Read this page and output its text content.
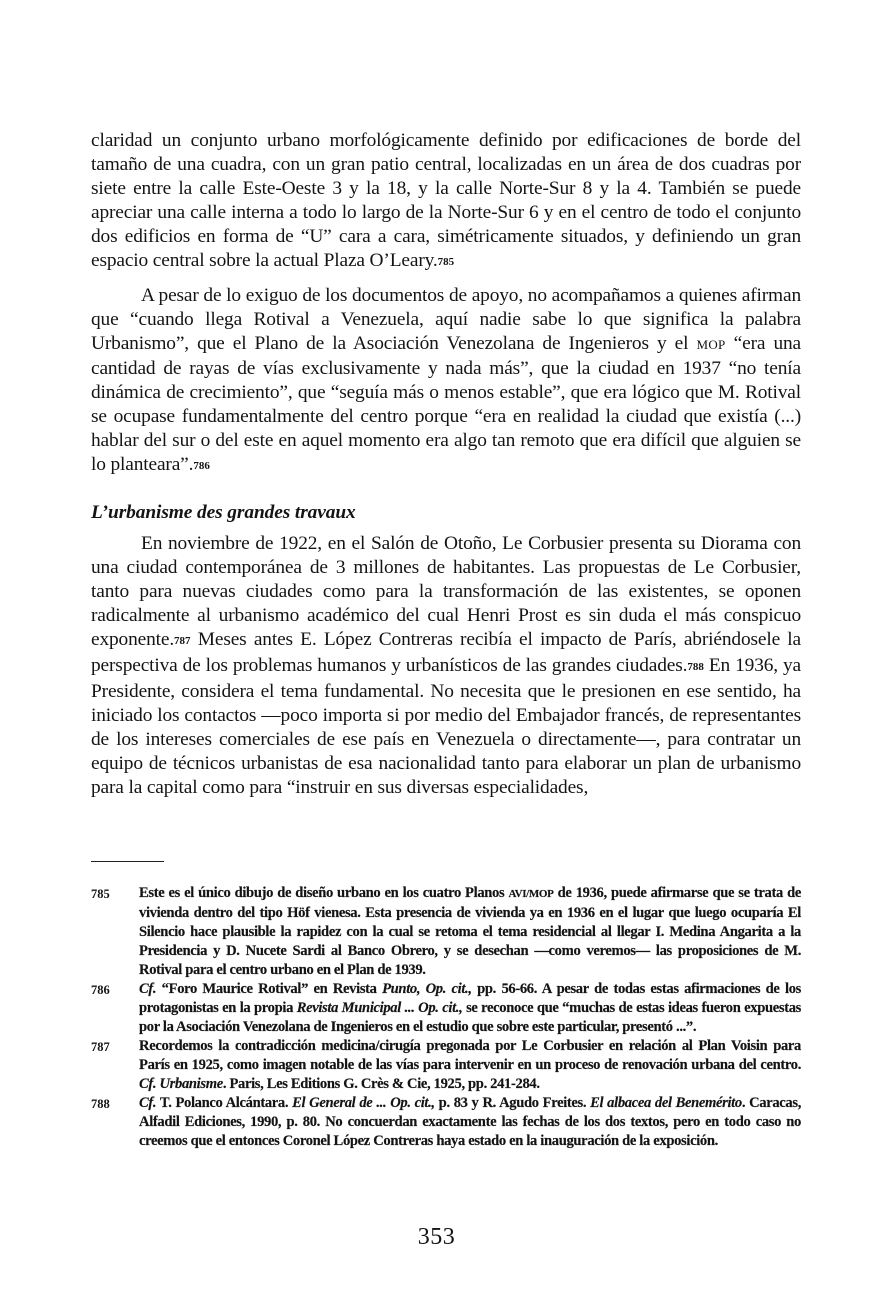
claridad un conjunto urbano morfológicamente definido por edificaciones de borde del tamaño de una cuadra, con un gran patio central, localizadas en un área de dos cuadras por siete entre la calle Este-Oeste 3 y la 18, y la calle Norte-Sur 8 y la 4. También se puede apreciar una calle interna a todo lo largo de la Norte-Sur 6 y en el centro de todo el conjunto dos edificios en forma de “U” cara a cara, simétricamente situados, y definiendo un gran espacio central sobre la actual Plaza O’Leary.$^{785}$

A pesar de lo exiguo de los documentos de apoyo, no acompañamos a quienes afirman que “cuando llega Rotival a Venezuela, aquí nadie sabe lo que significa la palabra Urbanismo”, que el Plano de la Asociación Venezolana de Ingenieros y el MOP “era una cantidad de rayas de vías exclusivamente y nada más”, que la ciudad en 1937 “no tenía dinámica de crecimiento”, que “seguía más o menos estable”, que era lógico que M. Rotival se ocupase fundamentalmente del centro porque “era en realidad la ciudad que existía (...) hablar del sur o del este en aquel momento era algo tan remoto que era difícil que alguien se lo planteara”.$^{786}$

L’urbanisme des grandes travaux

En noviembre de 1922, en el Salón de Otoño, Le Corbusier presenta su Diorama con una ciudad contemporánea de 3 millones de habitantes. Las propuestas de Le Corbusier, tanto para nuevas ciudades como para la transformación de las existentes, se oponen radicalmente al urbanismo académico del cual Henri Prost es sin duda el más conspicuo exponente.$^{787}$ Meses antes E. López Contreras recibía el impacto de París, abriéndosele la perspectiva de los problemas humanos y urbanísticos de las grandes ciudades.$^{788}$ En 1936, ya Presidente, considera el tema fundamental. No necesita que le presionen en ese sentido, ha iniciado los contactos —poco importa si por medio del Embajador francés, de representantes de los intereses comerciales de ese país en Venezuela o directamente—, para contratar un equipo de técnicos urbanistas de esa nacionalidad tanto para elaborar un plan de urbanismo para la capital como para “instruir en sus diversas especialidades,

785	Este es el único dibujo de diseño urbano en los cuatro Planos AVI/MOP de 1936, puede afirmarse que se trata de vivienda dentro del tipo Höf vienesa. Esta presencia de vivienda ya en 1936 en el lugar que luego ocuparía El Silencio hace plausible la rapidez con la cual se retoma el tema residencial al llegar I. Medina Angarita a la Presidencia y D. Nucete Sardi al Banco Obrero, y se desechan —como veremos— las proposiciones de M. Rotival para el centro urbano en el Plan de 1939.
786	Cf. “Foro Maurice Rotival” en Revista Punto, Op. cit., pp. 56-66. A pesar de todas estas afirmaciones de los protagonistas en la propia Revista Municipal ... Op. cit., se reconoce que “muchas de estas ideas fueron expuestas por la Asociación Venezolana de Ingenieros en el estudio que sobre este particular, presentó ...”.
787	Recordemos la contradicción medicina/cirugía pregonada por Le Corbusier en relación al Plan Voisin para París en 1925, como imagen notable de las vías para intervenir en un proceso de renovación urbana del centro. Cf. Urbanisme. Paris, Les Editions G. Crès & Cie, 1925, pp. 241-284.
788	Cf. T. Polanco Alcántara. El General de ... Op. cit., p. 83 y R. Agudo Freites. El albacea del Benemérito. Caracas, Alfadil Ediciones, 1990, p. 80. No concuerdan exactamente las fechas de los dos textos, pero en todo caso no creemos que el entonces Coronel López Contreras haya estado en la inauguración de la exposición.
353
